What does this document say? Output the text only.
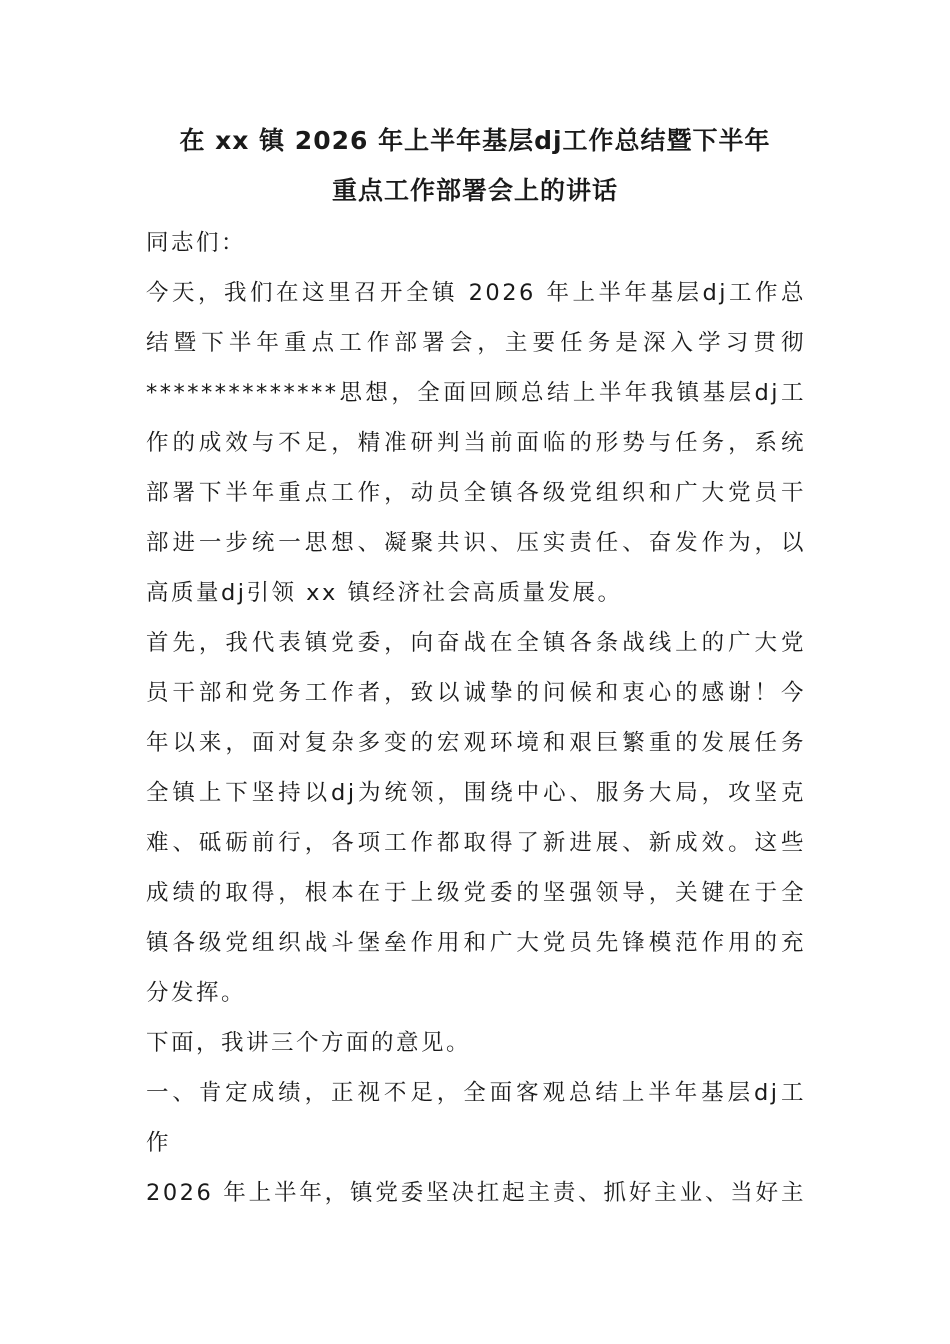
在 xx 镇 2026 年上半年基层dj工作总结暨下半年
重点工作部署会上的讲话
同志们：
今天，我们在这里召开全镇 2026 年上半年基层dj工作总
结暨下半年重点工作部署会，主要任务是深入学习贯彻
**************思想，全面回顾总结上半年我镇基层dj工
作的成效与不足，精准研判当前面临的形势与任务，系统
部署下半年重点工作，动员全镇各级党组织和广大党员干
部进一步统一思想、凝聚共识、压实责任、奋发作为，以
高质量dj引领 xx 镇经济社会高质量发展。
首先，我代表镇党委，向奋战在全镇各条战线上的广大党
员干部和党务工作者，致以诚挚的问候和衷心的感谢！今
年以来，面对复杂多变的宏观环境和艰巨繁重的发展任务
全镇上下坚持以dj为统领，围绕中心、服务大局，攻坚克
难、砥砺前行，各项工作都取得了新进展、新成效。这些
成绩的取得，根本在于上级党委的坚强领导，关键在于全
镇各级党组织战斗堡垒作用和广大党员先锋模范作用的充
分发挥。
下面，我讲三个方面的意见。
一、肯定成绩，正视不足，全面客观总结上半年基层dj工
作
2026 年上半年，镇党委坚决扛起主责、抓好主业、当好主
